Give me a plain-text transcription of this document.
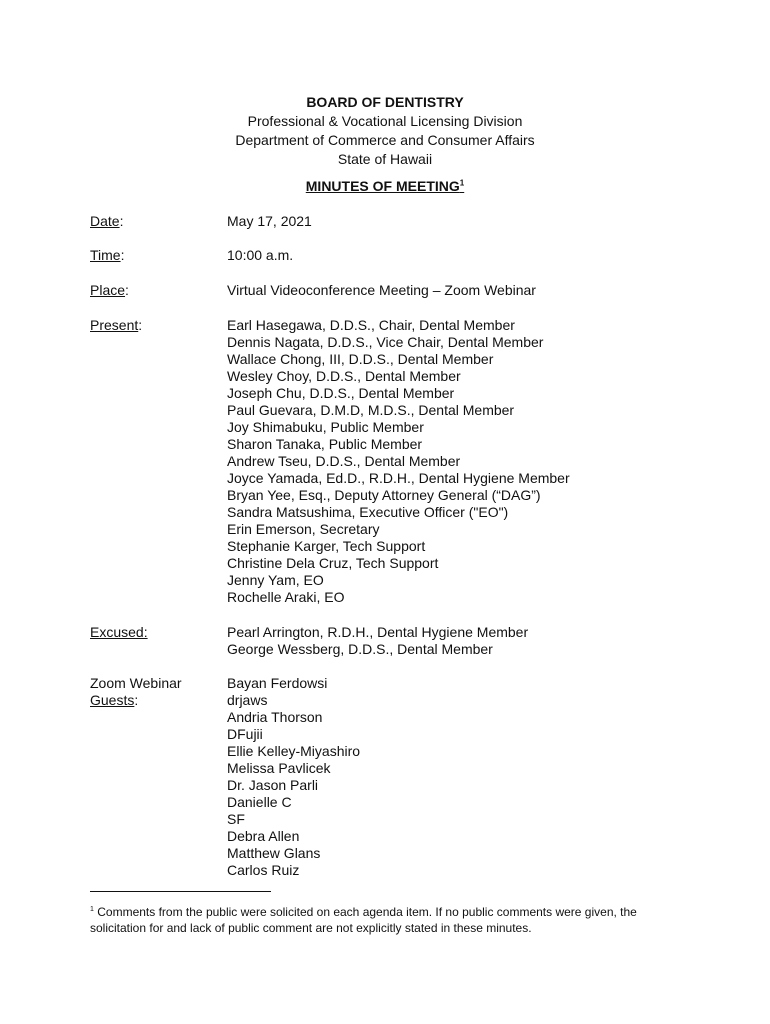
BOARD OF DENTISTRY
Professional & Vocational Licensing Division
Department of Commerce and Consumer Affairs
State of Hawaii
MINUTES OF MEETING$^1$
Date:	May 17, 2021
Time:	10:00 a.m.
Place:	Virtual Videoconference Meeting – Zoom Webinar
Present:	Earl Hasegawa, D.D.S., Chair, Dental Member
Dennis Nagata, D.D.S., Vice Chair, Dental Member
Wallace Chong, III, D.D.S., Dental Member
Wesley Choy, D.D.S., Dental Member
Joseph Chu, D.D.S., Dental Member
Paul Guevara, D.M.D, M.D.S., Dental Member
Joy Shimabuku, Public Member
Sharon Tanaka, Public Member
Andrew Tseu, D.D.S., Dental Member
Joyce Yamada, Ed.D., R.D.H., Dental Hygiene Member
Bryan Yee, Esq., Deputy Attorney General (“DAG”)
Sandra Matsushima, Executive Officer ("EO")
Erin Emerson, Secretary
Stephanie Karger, Tech Support
Christine Dela Cruz, Tech Support
Jenny Yam, EO
Rochelle Araki, EO
Excused:	Pearl Arrington, R.D.H., Dental Hygiene Member
George Wessberg, D.D.S., Dental Member
Zoom Webinar
Guests:
Bayan Ferdowsi
drjaws
Andria Thorson
DFujii
Ellie Kelley-Miyashiro
Melissa Pavlicek
Dr. Jason Parli
Danielle C
SF
Debra Allen
Matthew Glans
Carlos Ruiz
$^1$ Comments from the public were solicited on each agenda item. If no public comments were given, the solicitation for and lack of public comment are not explicitly stated in these minutes.
